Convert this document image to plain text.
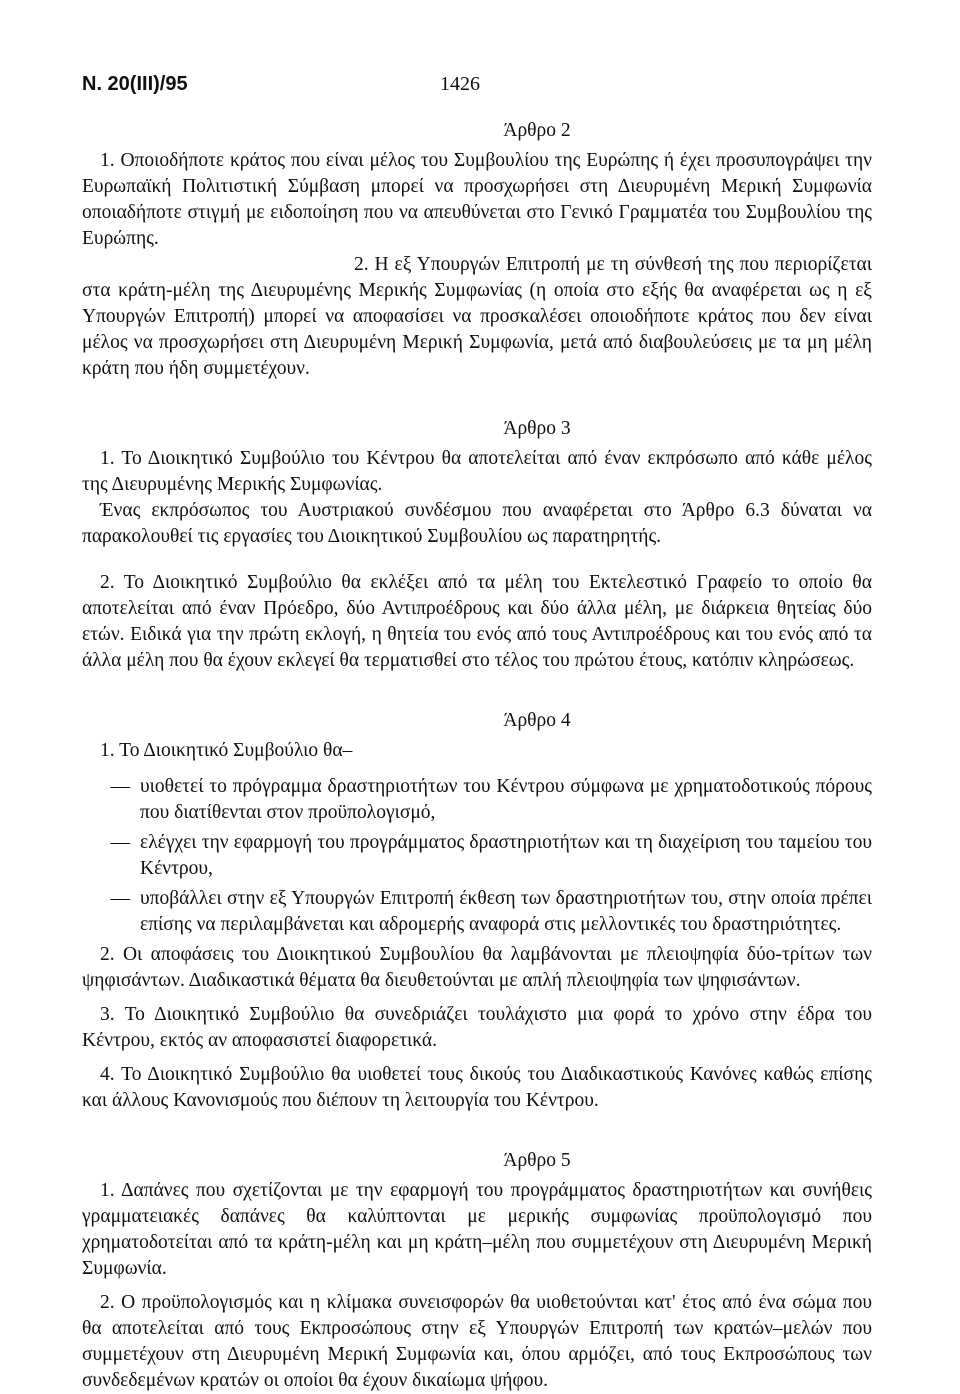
N. 20(III)/95	1426
Άρθρο 2

1. Οποιοδήποτε κράτος που είναι μέλος του Συμβουλίου της Ευρώπης ή έχει προσυπογράψει την Ευρωπαϊκή Πολιτιστική Σύμβαση μπορεί να προσχωρήσει στη Διευρυμένη Μερική Συμφωνία οποιαδήποτε στιγμή με ειδοποίηση που να απευθύνεται στο Γενικό Γραμματέα του Συμβουλίου της Ευρώπης.

2. Η εξ Υπουργών Επιτροπή με τη σύνθεσή της που περιορίζεται στα κράτη-μέλη της Διευρυμένης Μερικής Συμφωνίας (η οποία στο εξής θα αναφέρεται ως η εξ Υπουργών Επιτροπή) μπορεί να αποφασίσει να προσκαλέσει οποιοδήποτε κράτος που δεν είναι μέλος να προσχωρήσει στη Διευρυμένη Μερική Συμφωνία, μετά από διαβουλεύσεις με τα μη μέλη κράτη που ήδη συμμετέχουν.

Άρθρο 3

1. Το Διοικητικό Συμβούλιο του Κέντρου θα αποτελείται από έναν εκπρόσωπο από κάθε μέλος της Διευρυμένης Μερικής Συμφωνίας.

Ένας εκπρόσωπος του Αυστριακού συνδέσμου που αναφέρεται στο Άρθρο 6.3 δύναται να παρακολουθεί τις εργασίες του Διοικητικού Συμβουλίου ως παρατηρητής.

2. Το Διοικητικό Συμβούλιο θα εκλέξει από τα μέλη του Εκτελεστικό Γραφείο το οποίο θα αποτελείται από έναν Πρόεδρο, δύο Αντιπροέδρους και δύο άλλα μέλη, με διάρκεια θητείας δύο ετών. Ειδικά για την πρώτη εκλογή, η θητεία του ενός από τους Αντιπροέδρους και του ενός από τα άλλα μέλη που θα έχουν εκλεγεί θα τερματισθεί στο τέλος του πρώτου έτους, κατόπιν κληρώσεως.

Άρθρο 4

1. Το Διοικητικό Συμβούλιο θα–

— υιοθετεί το πρόγραμμα δραστηριοτήτων του Κέντρου σύμφωνα με χρηματοδοτικούς πόρους που διατίθενται στον προϋπολογισμό,
— ελέγχει την εφαρμογή του προγράμματος δραστηριοτήτων και τη διαχείριση του ταμείου του Κέντρου,
— υποβάλλει στην εξ Υπουργών Επιτροπή έκθεση των δραστηριοτήτων του, στην οποία πρέπει επίσης να περιλαμβάνεται και αδρομερής αναφορά στις μελλοντικές του δραστηριότητες.

2. Οι αποφάσεις του Διοικητικού Συμβουλίου θα λαμβάνονται με πλειοψηφία δύο-τρίτων των ψηφισάντων. Διαδικαστικά θέματα θα διευθετούνται με απλή πλειοψηφία των ψηφισάντων.

3. Το Διοικητικό Συμβούλιο θα συνεδριάζει τουλάχιστο μια φορά το χρόνο στην έδρα του Κέντρου, εκτός αν αποφασιστεί διαφορετικά.

4. Το Διοικητικό Συμβούλιο θα υιοθετεί τους δικούς του Διαδικαστικούς Κανόνες καθώς επίσης και άλλους Κανονισμούς που διέπουν τη λειτουργία του Κέντρου.

Άρθρο 5

1. Δαπάνες που σχετίζονται με την εφαρμογή του προγράμματος δραστηριοτήτων και συνήθεις γραμματειακές δαπάνες θα καλύπτονται με μερικής συμφωνίας προϋπολογισμό που χρηματοδοτείται από τα κράτη-μέλη και μη κράτη–μέλη που συμμετέχουν στη Διευρυμένη Μερική Συμφωνία.

2. Ο προϋπολογισμός και η κλίμακα συνεισφορών θα υιοθετούνται κατ' έτος από ένα σώμα που θα αποτελείται από τους Εκπροσώπους στην εξ Υπουργών Επιτροπή των κρατών–μελών που συμμετέχουν στη Διευρυμένη Μερική Συμφωνία και, όπου αρμόζει, από τους Εκπροσώπους των συνδεδεμένων κρατών οι οποίοι θα έχουν δικαίωμα ψήφου.
